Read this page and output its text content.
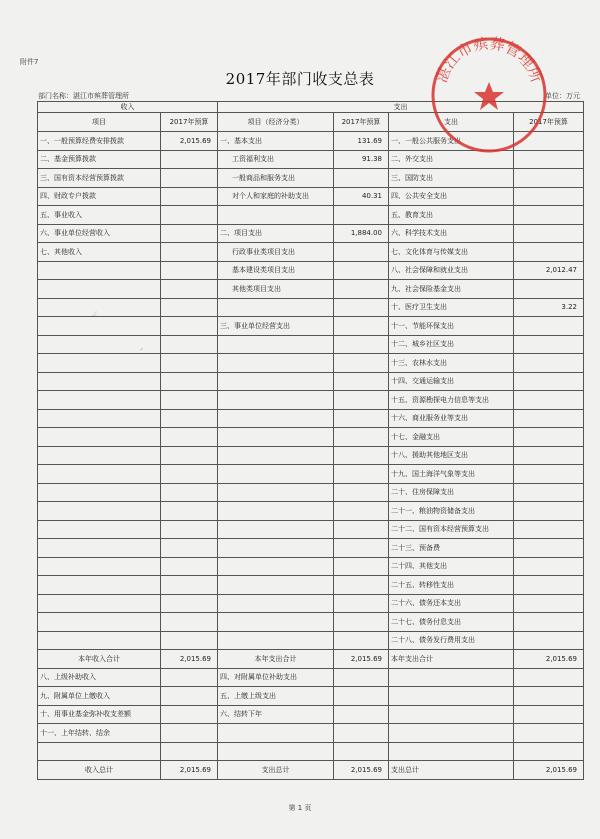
附件7
2017年部门收支总表
部门名称：湛江市殡葬管理所	单位：万元
收入		支出			
项目	2017年预算	项目（经济分类）	2017年预算	支出	2017年预算
一、一般预算经费安排拨款	2,015.69	一、基本支出	131.69	一、一般公共服务支出	
二、基金预算拨款		工资福利支出	91.38	二、外交支出	
三、国有资本经营预算拨款		一般商品和服务支出		三、国防支出	
四、财政专户拨款		对个人和家庭的补助支出	40.31	四、公共安全支出	
五、事业收入				五、教育支出	
六、事业单位经营收入		二、项目支出	1,884.00	六、科学技术支出	
七、其他收入		行政事业类项目支出		七、文化体育与传媒支出	
		基本建设类项目支出		八、社会保障和就业支出	2,012.47
		其他类项目支出		九、社会保险基金支出	
				十、医疗卫生支出	3.22
		三、事业单位经营支出		十一、节能环保支出	
				十二、城乡社区支出	
				十三、农林水支出	
				十四、交通运输支出	
				十五、资源勘探电力信息等支出	
				十六、商业服务业等支出	
				十七、金融支出	
				十八、援助其他地区支出	
				十九、国土海洋气象等支出	
				二十、住房保障支出	
				二十一、粮油物资储备支出	
				二十二、国有资本经营预算支出	
				二十三、预备费	
				二十四、其他支出	
				二十五、转移性支出	
				二十六、债务还本支出	
				二十七、债务付息支出	
				二十八、债务发行费用支出	
本年收入合计	2,015.69	本年支出合计	2,015.69	本年支出合计	2,015.69
八、上级补助收入		四、对附属单位补助支出			
九、附属单位上缴收入		五、上缴上级支出			
十、用事业基金弥补收支差额		六、结转下年			
十一、上年结转、结余					

收入总计	2,015.69	支出总计	2,015.69	支出总计	2,015.69
湛江市殡葬管理所
☄
⸝
第 1 页
